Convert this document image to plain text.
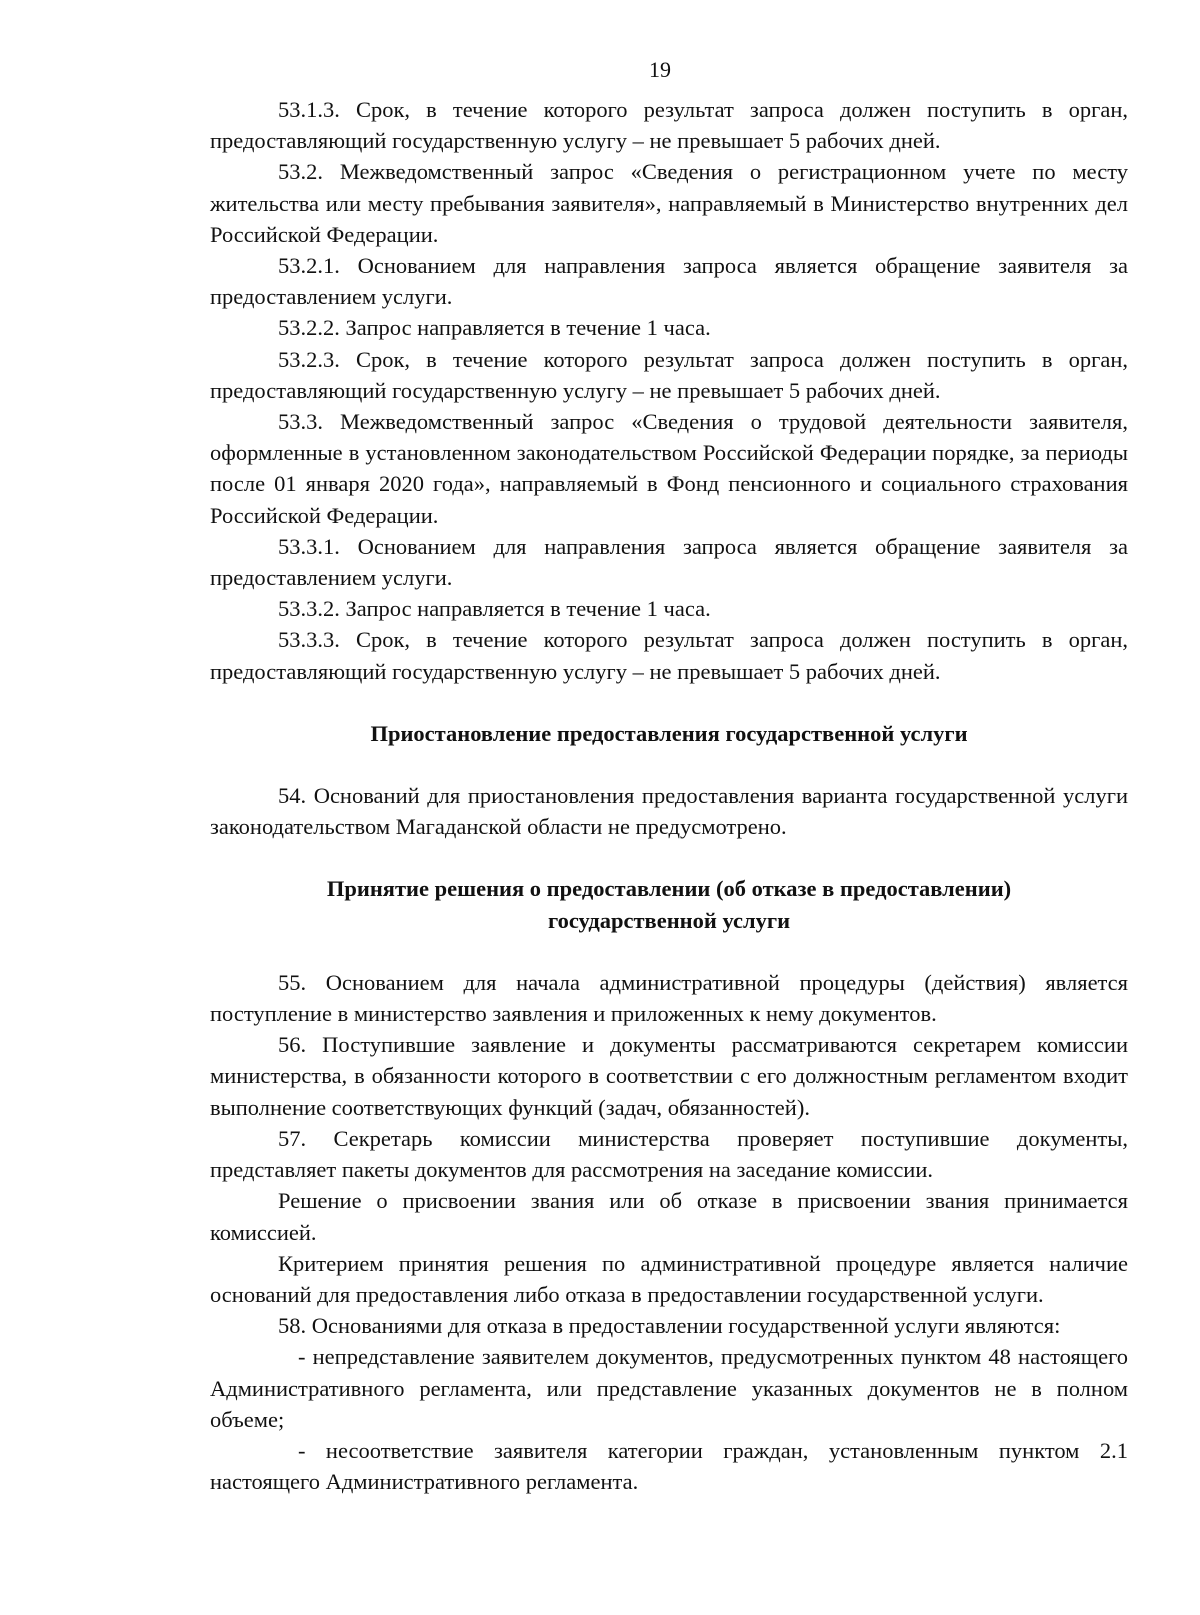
19

53.1.3. Срок, в течение которого результат запроса должен поступить в орган, предоставляющий государственную услугу – не превышает 5 рабочих дней.

53.2. Межведомственный запрос «Сведения о регистрационном учете по месту жительства или месту пребывания заявителя», направляемый в Министерство внутренних дел Российской Федерации.

53.2.1. Основанием для направления запроса является обращение заявителя за предоставлением услуги.

53.2.2. Запрос направляется в течение 1 часа.

53.2.3. Срок, в течение которого результат запроса должен поступить в орган, предоставляющий государственную услугу – не превышает 5 рабочих дней.

53.3. Межведомственный запрос «Сведения о трудовой деятельности заявителя, оформленные в установленном законодательством Российской Федерации порядке, за периоды после 01 января 2020 года», направляемый в Фонд пенсионного и социального страхования Российской Федерации.

53.3.1. Основанием для направления запроса является обращение заявителя за предоставлением услуги.

53.3.2. Запрос направляется в течение 1 часа.

53.3.3. Срок, в течение которого результат запроса должен поступить в орган, предоставляющий государственную услугу – не превышает 5 рабочих дней.

Приостановление предоставления государственной услуги

54. Оснований для приостановления предоставления варианта государственной услуги законодательством Магаданской области не предусмотрено.

Принятие решения о предоставлении (об отказе в предоставлении)

государственной услуги

55. Основанием для начала административной процедуры (действия) является поступление в министерство заявления и приложенных к нему документов.

56. Поступившие заявление и документы рассматриваются секретарем комиссии министерства, в обязанности которого в соответствии с его должностным регламентом входит выполнение соответствующих функций (задач, обязанностей).

57. Секретарь комиссии министерства проверяет поступившие документы, представляет пакеты документов для рассмотрения на заседание комиссии.

Решение о присвоении звания или об отказе в присвоении звания принимается комиссией.

Критерием принятия решения по административной процедуре является наличие оснований для предоставления либо отказа в предоставлении государственной услуги.

58. Основаниями для отказа в предоставлении государственной услуги являются:

- непредставление заявителем документов, предусмотренных пунктом 48 настоящего Административного регламента, или представление указанных документов не в полном объеме;

- несоответствие заявителя категории граждан, установленным пунктом 2.1 настоящего Административного регламента.
